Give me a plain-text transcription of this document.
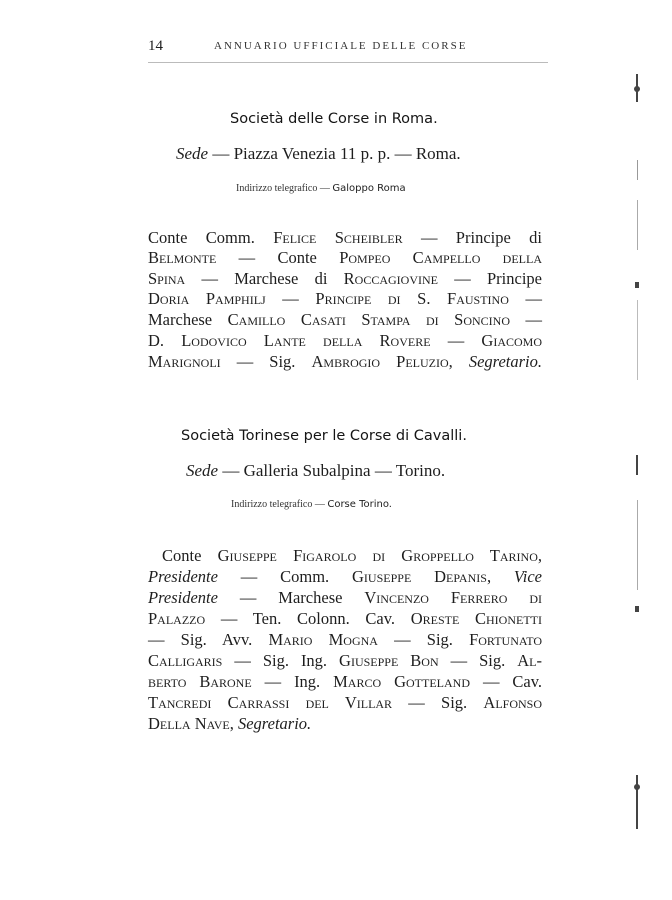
14	ANNUARIO UFFICIALE DELLE CORSE
Società delle Corse in Roma.
Sede — Piazza Venezia 11 p. p. — Roma.
Indirizzo telegrafico — Galoppo Roma
Conte Comm. Felice Scheibler — Principe di
Belmonte — Conte Pompeo Campello della
Spina — Marchese di Roccagiovine — Principe
Doria Pamphilj — Principe di S. Faustino —
Marchese Camillo Casati Stampa di Soncino —
D. Lodovico Lante della Rovere — Giacomo
Marignoli — Sig. Ambrogio Peluzio, Segretario.
Società Torinese per le Corse di Cavalli.
Sede — Galleria Subalpina — Torino.
Indirizzo telegrafico — Corse Torino.
Conte Giuseppe Figarolo di Groppello Tarino,
Presidente — Comm. Giuseppe Depanis, Vice
Presidente — Marchese Vincenzo Ferrero di
Palazzo — Ten. Colonn. Cav. Oreste Chionetti
— Sig. Avv. Mario Mogna — Sig. Fortunato
Calligaris — Sig. Ing. Giuseppe Bon — Sig. Al-
berto Barone — Ing. Marco Gotteland — Cav.
Tancredi Carrassi del Villar — Sig. Alfonso
Della Nave, Segretario.
